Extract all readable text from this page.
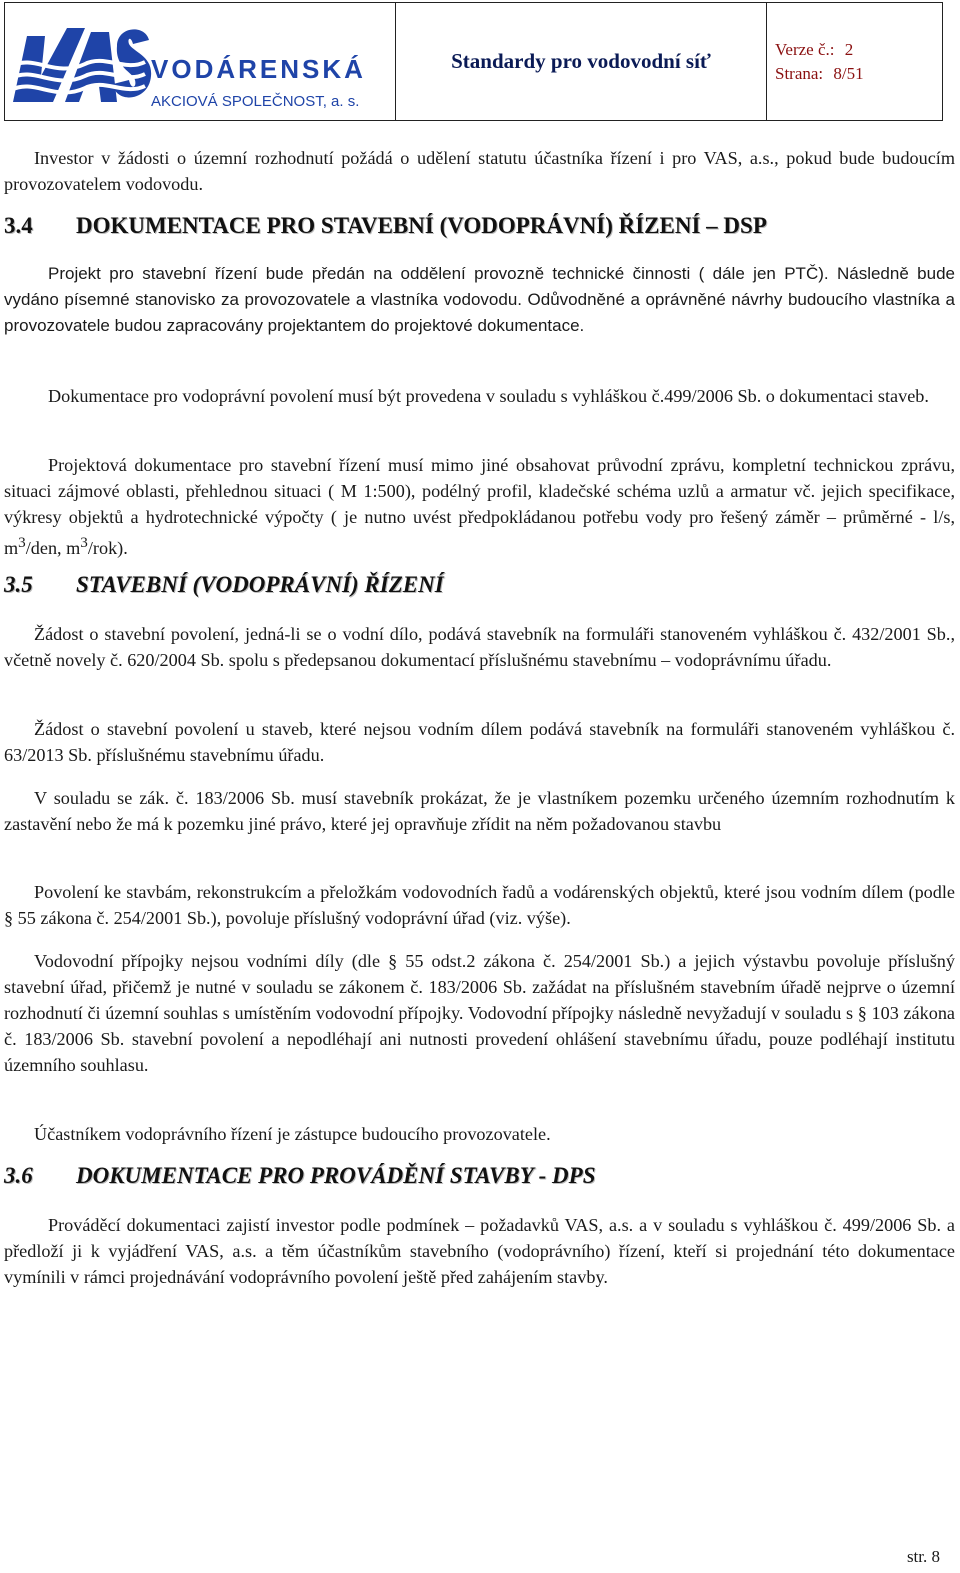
VODÁRENSKÁ
AKCIOVÁ SPOLEČNOST, a. s.
	Standardy pro vodovodní síť	Verze č.: 2
Strana: 8/51
Investor v žádosti o územní rozhodnutí požádá o udělení statutu účastníka řízení i pro VAS, a.s., pokud bude budoucím provozovatelem vodovodu.
3.4 DOKUMENTACE PRO STAVEBNÍ (VODOPRÁVNÍ) ŘÍZENÍ – DSP
Projekt pro stavební řízení bude předán na oddělení provozně technické činnosti ( dále jen PTČ). Následně bude vydáno písemné stanovisko za provozovatele a vlastníka vodovodu. Odůvodněné a oprávněné návrhy budoucího vlastníka a provozovatele budou zapracovány projektantem do projektové dokumentace.
Dokumentace pro vodoprávní povolení musí být provedena v souladu s vyhláškou č.499/2006 Sb. o dokumentaci staveb.
Projektová dokumentace pro stavební řízení musí mimo jiné obsahovat průvodní zprávu, kompletní technickou zprávu, situaci zájmové oblasti, přehlednou situaci ( M 1:500), podélný profil, kladečské schéma uzlů a armatur vč. jejich specifikace, výkresy objektů a hydrotechnické výpočty ( je nutno uvést předpokládanou potřebu vody pro řešený záměr – průměrné - l/s, $m^3$/den, $m^3/rok$).
3.5 STAVEBNÍ (VODOPRÁVNÍ) ŘÍZENÍ
Žádost o stavební povolení, jedná-li se o vodní dílo, podává stavebník na formuláři stanoveném vyhláškou č. 432/2001 Sb., včetně novely č. 620/2004 Sb. spolu s předepsanou dokumentací příslušnému stavebnímu – vodoprávnímu úřadu.
Žádost o stavební povolení u staveb, které nejsou vodním dílem podává stavebník na formuláři stanoveném vyhláškou č. 63/2013 Sb. příslušnému stavebnímu úřadu.
V souladu se zák. č. 183/2006 Sb. musí stavebník prokázat, že je vlastníkem pozemku určeného územním rozhodnutím k zastavění nebo že má k pozemku jiné právo, které jej opravňuje zřídit na něm požadovanou stavbu
Povolení ke stavbám, rekonstrukcím a přeložkám vodovodních řadů a vodárenských objektů, které jsou vodním dílem (podle § 55 zákona č. 254/2001 Sb.), povoluje příslušný vodoprávní úřad (viz. výše).
Vodovodní přípojky nejsou vodními díly (dle § 55 odst.2 zákona č. 254/2001 Sb.) a jejich výstavbu povoluje příslušný stavební úřad, přičemž je nutné v souladu se zákonem č. 183/2006 Sb. zažádat na příslušném stavebním úřadě nejprve o územní rozhodnutí či územní souhlas s umístěním vodovodní přípojky. Vodovodní přípojky následně nevyžadují v souladu s § 103 zákona č. 183/2006 Sb. stavební povolení a nepodléhají ani nutnosti provedení ohlášení stavebnímu úřadu, pouze podléhají institutu územního souhlasu.
Účastníkem vodoprávního řízení je zástupce budoucího provozovatele.
3.6 DOKUMENTACE PRO PROVÁDĚNÍ STAVBY - DPS
Prováděcí dokumentaci zajistí investor podle podmínek – požadavků VAS, a.s. a v souladu s vyhláškou č. 499/2006 Sb. a předloží ji k vyjádření VAS, a.s. a těm účastníkům stavebního (vodoprávního) řízení, kteří si projednání této dokumentace vymínili v rámci projednávání vodoprávního povolení ještě před zahájením stavby.
str. 8
